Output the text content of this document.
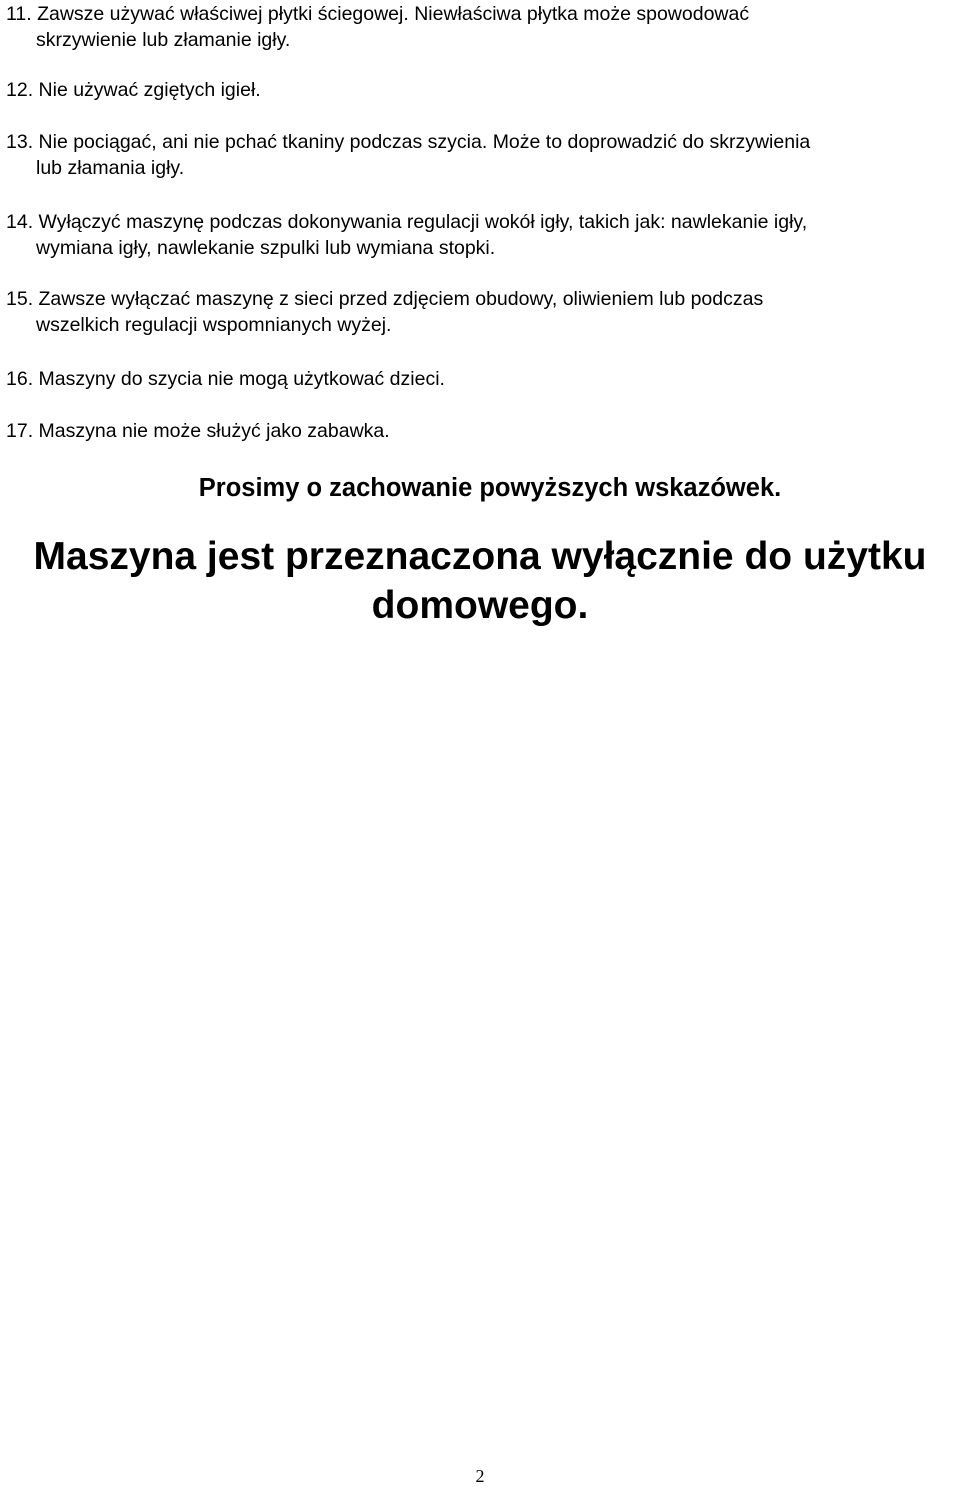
11. Zawsze używać właściwej płytki ściegowej. Niewłaściwa płytka może spowodować
skrzywienie lub złamanie igły.

12. Nie używać zgiętych igieł.

13. Nie pociągać, ani nie pchać tkaniny podczas szycia. Może to doprowadzić do skrzywienia
lub złamania igły.

14. Wyłączyć maszynę podczas dokonywania regulacji wokół igły, takich jak: nawlekanie igły,
wymiana igły, nawlekanie szpulki lub wymiana stopki.

15. Zawsze wyłączać maszynę z sieci przed zdjęciem obudowy, oliwieniem lub podczas
wszelkich regulacji wspomnianych wyżej.

16. Maszyny do szycia nie mogą użytkować dzieci.

17. Maszyna nie może służyć jako zabawka.

Prosimy o zachowanie powyższych wskazówek.

Maszyna jest przeznaczona wyłącznie do użytku
domowego.

2
